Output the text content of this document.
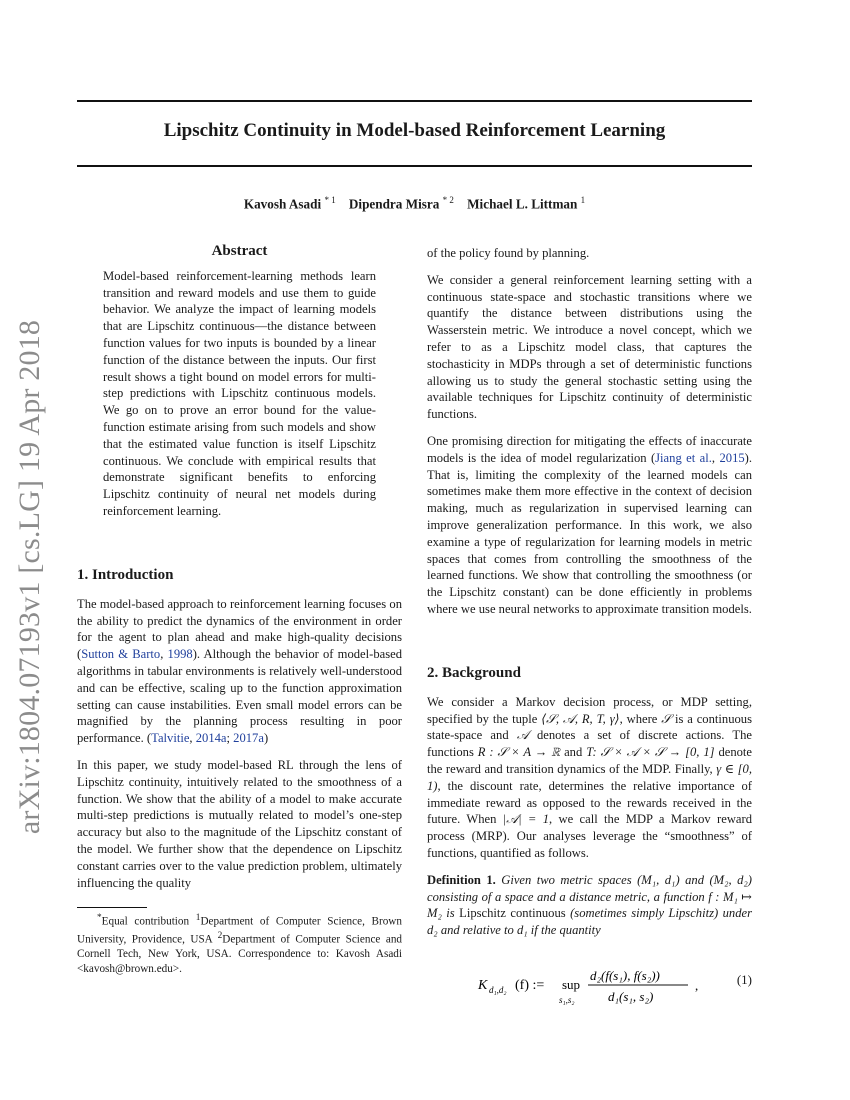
Lipschitz Continuity in Model-based Reinforcement Learning
Kavosh Asadi $^{* 1}$ Dipendra Misra $^{* 2}$ Michael L. Littman $^1$
arXiv:1804.07193v1 [cs.LG] 19 Apr 2018
Abstract
Model-based reinforcement-learning methods learn transition and reward models and use them to guide behavior. We analyze the impact of learning models that are Lipschitz continuous—the distance between function values for two inputs is bounded by a linear function of the distance between the inputs. Our first result shows a tight bound on model errors for multi-step predictions with Lipschitz continuous models. We go on to prove an error bound for the value-function estimate arising from such models and show that the estimated value function is itself Lipschitz continuous. We conclude with empirical results that demonstrate significant benefits to enforcing Lipschitz continuity of neural net models during reinforcement learning.
1. Introduction

The model-based approach to reinforcement learning focuses on the ability to predict the dynamics of the environment in order for the agent to plan ahead and make high-quality decisions (Sutton & Barto, 1998). Although the behavior of model-based algorithms in tabular environments is relatively well-understood and can be effective, scaling up to the function approximation setting can cause instabilities. Even small model errors can be magnified by the planning process resulting in poor performance. (Talvitie, 2014a; 2017a)

In this paper, we study model-based RL through the lens of Lipschitz continuity, intuitively related to the smoothness of a function. We show that the ability of a model to make accurate multi-step predictions is mutually related to model’s one-step accuracy but also to the magnitude of the Lipschitz constant of the model. We further show that the dependence on Lipschitz constant carries over to the value prediction problem, ultimately influencing the quality

*Equal contribution $^1$Department of Computer Science, Brown University, Providence, USA $^2$Department of Computer Science and Cornell Tech, New York, USA. Correspondence to: Kavosh Asadi <kavosh@brown.edu>.

of the policy found by planning.

We consider a general reinforcement learning setting with a continuous state-space and stochastic transitions where we quantify the distance between distributions using the Wasserstein metric. We introduce a novel concept, which we refer to as a Lipschitz model class, that captures the stochasticity in MDPs through a set of deterministic functions allowing us to study the general stochastic setting using the available techniques for Lipschitz continuity of deterministic functions.

One promising direction for mitigating the effects of inaccurate models is the idea of model regularization (Jiang et al., 2015). That is, limiting the complexity of the learned models can sometimes make them more effective in the context of decision making, much as regularization in supervised learning can improve generalization performance. In this work, we also examine a type of regularization for learning models in metric spaces that comes from controlling the smoothness of the learned functions. We show that controlling the smoothness (or the Lipschitz constant) can be done efficiently in problems where we use neural networks to approximate transition models.

2. Background

We consider a Markov decision process, or MDP setting, specified by the tuple ⟨𝒮, 𝒜, R, T, γ⟩, where 𝒮 is a continuous state-space and 𝒜 denotes a set of discrete actions. The functions R : 𝒮 × A → ℝ and T: 𝒮 × 𝒜 × 𝒮 → [0, 1] denote the reward and transition dynamics of the MDP. Finally, γ ∈ [0, 1), the discount rate, determines the relative importance of immediate reward as opposed to the rewards received in the future. When |𝒜| = 1, we call the MDP a Markov reward process (MRP). Our analyses leverage the “smoothness” of functions, quantified as follows.

Definition 1. Given two metric spaces (M₁, d₁) and (M₂, d₂) consisting of a space and a distance metric, a function f : M₁ ↦ M₂ is Lipschitz continuous (sometimes simply Lipschitz) under d₂ and relative to d₁ if the quantity

K d₁,d₂ (f) := sup
s₁,s₂
d₂(f(s₁), f(s₂))
d₁(s₁, s₂)
,	(1)
